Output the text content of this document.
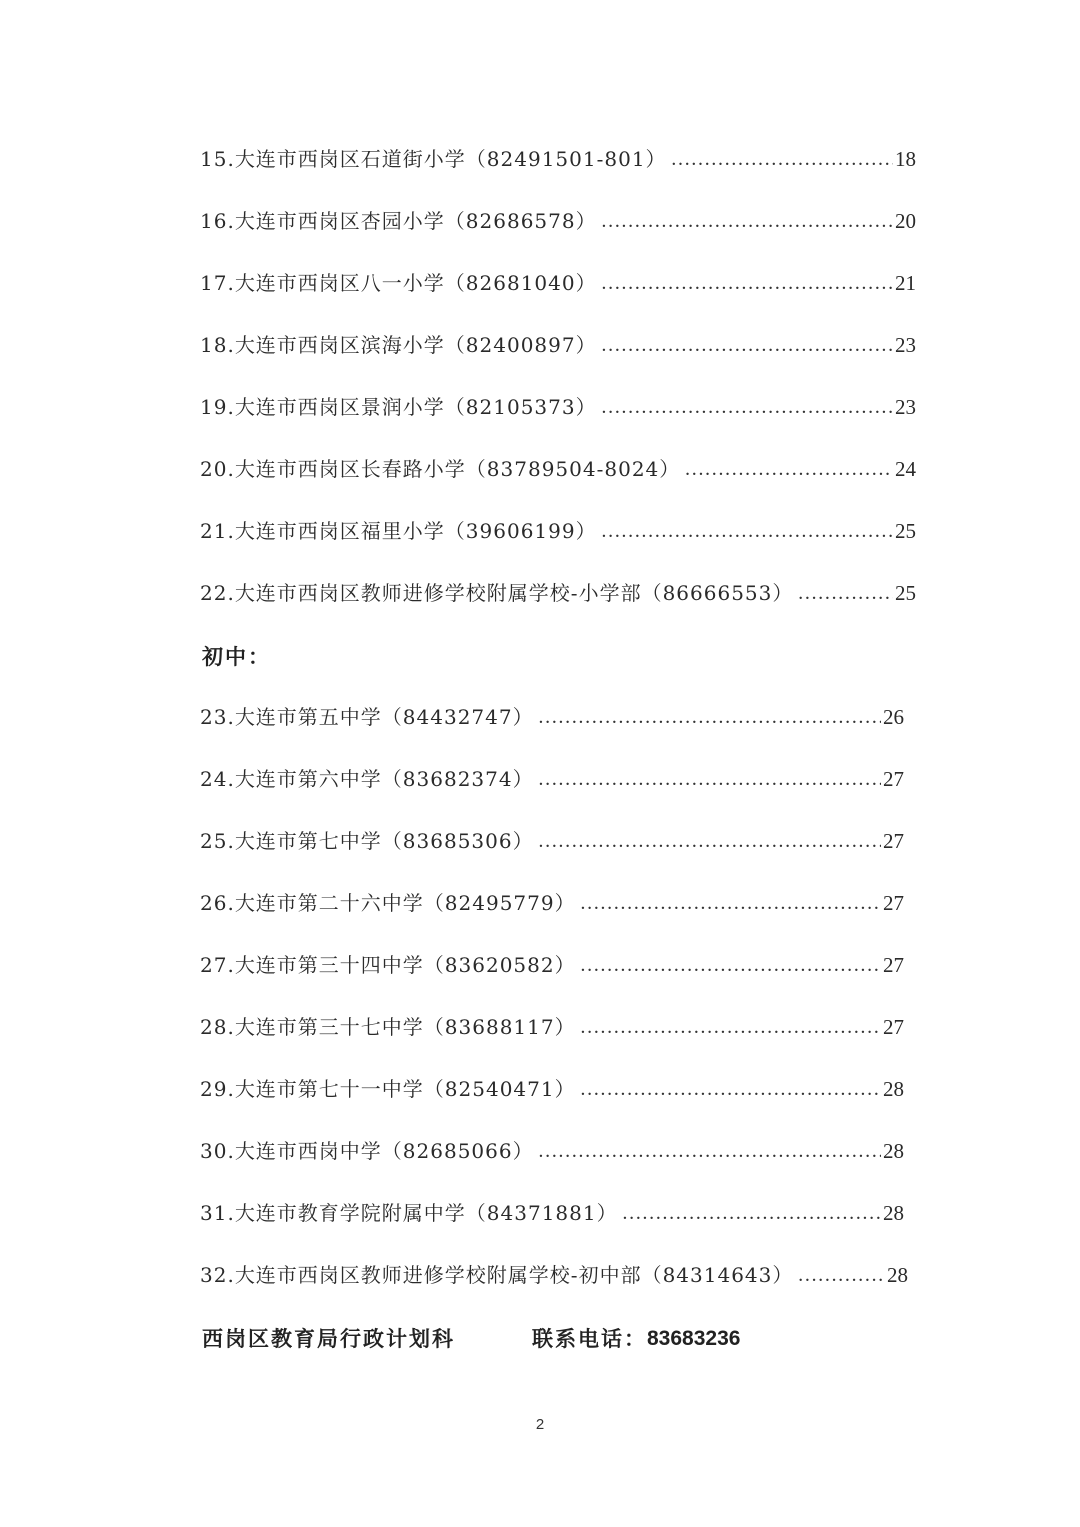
15. 大连市西岗区石道街小学（82491501-801） …………………………………………………………………………………………………………………………………………	18
16. 大连市西岗区杏园小学（82686578） …………………………………………………………………………………………………………………………………………	20
17. 大连市西岗区八一小学（82681040） …………………………………………………………………………………………………………………………………………	21
18. 大连市西岗区滨海小学（82400897） …………………………………………………………………………………………………………………………………………	23
19. 大连市西岗区景润小学（82105373） …………………………………………………………………………………………………………………………………………	23
20. 大连市西岗区长春路小学（83789504-8024） …………………………………………………………………………………………………………………………………………	24
21. 大连市西岗区福里小学（39606199） …………………………………………………………………………………………………………………………………………	25
22. 大连市西岗区教师进修学校附属学校-小学部（86666553） …………………………………………………………………………………………………………………………………………	25
初中：
23. 大连市第五中学（84432747） …………………………………………………………………………………………………………………………………………	26
24. 大连市第六中学（83682374） …………………………………………………………………………………………………………………………………………	27
25. 大连市第七中学（83685306） …………………………………………………………………………………………………………………………………………	27
26. 大连市第二十六中学（82495779） …………………………………………………………………………………………………………………………………………	27
27. 大连市第三十四中学（83620582） …………………………………………………………………………………………………………………………………………	27
28. 大连市第三十七中学（83688117） …………………………………………………………………………………………………………………………………………	27
29. 大连市第七十一中学（82540471） …………………………………………………………………………………………………………………………………………	28
30. 大连市西岗中学（82685066） …………………………………………………………………………………………………………………………………………	28
31. 大连市教育学院附属中学（84371881） …………………………………………………………………………………………………………………………………………	28
32. 大连市西岗区教师进修学校附属学校-初中部（84314643） …………………………………………………………………………………………………………………………………………	28
西岗区教育局行政计划科	联系电话： 83683236
2
